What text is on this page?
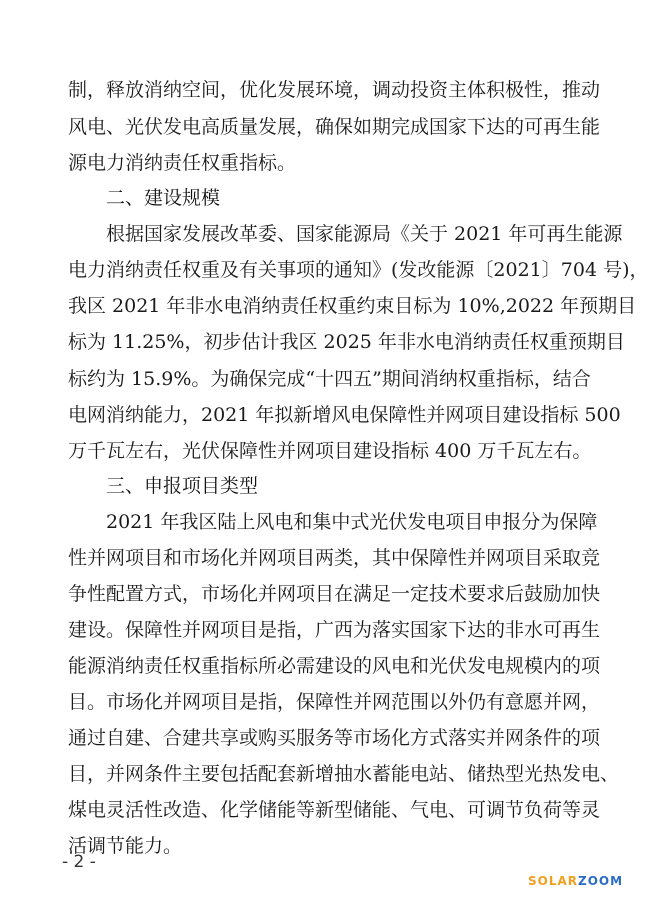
制，释放消纳空间，优化发展环境，调动投资主体积极性，推动
风电、光伏发电高质量发展，确保如期完成国家下达的可再生能
源电力消纳责任权重指标。
二、建设规模
根据国家发展改革委、国家能源局《关于 2021 年可再生能源
电力消纳责任权重及有关事项的通知》(发改能源〔2021〕704 号)，
我区 2021 年非水电消纳责任权重约束目标为 10%,2022 年预期目
标为 11.25%，初步估计我区 2025 年非水电消纳责任权重预期目
标约为 15.9%。为确保完成“十四五”期间消纳权重指标，结合
电网消纳能力，2021 年拟新增风电保障性并网项目建设指标 500
万千瓦左右，光伏保障性并网项目建设指标 400 万千瓦左右。
三、申报项目类型
2021 年我区陆上风电和集中式光伏发电项目申报分为保障
性并网项目和市场化并网项目两类，其中保障性并网项目采取竞
争性配置方式，市场化并网项目在满足一定技术要求后鼓励加快
建设。保障性并网项目是指，广西为落实国家下达的非水可再生
能源消纳责任权重指标所必需建设的风电和光伏发电规模内的项
目。市场化并网项目是指，保障性并网范围以外仍有意愿并网，
通过自建、合建共享或购买服务等市场化方式落实并网条件的项
目，并网条件主要包括配套新增抽水蓄能电站、储热型光热发电、
煤电灵活性改造、化学储能等新型储能、气电、可调节负荷等灵
活调节能力。
- 2 -
SOLARZOOM
